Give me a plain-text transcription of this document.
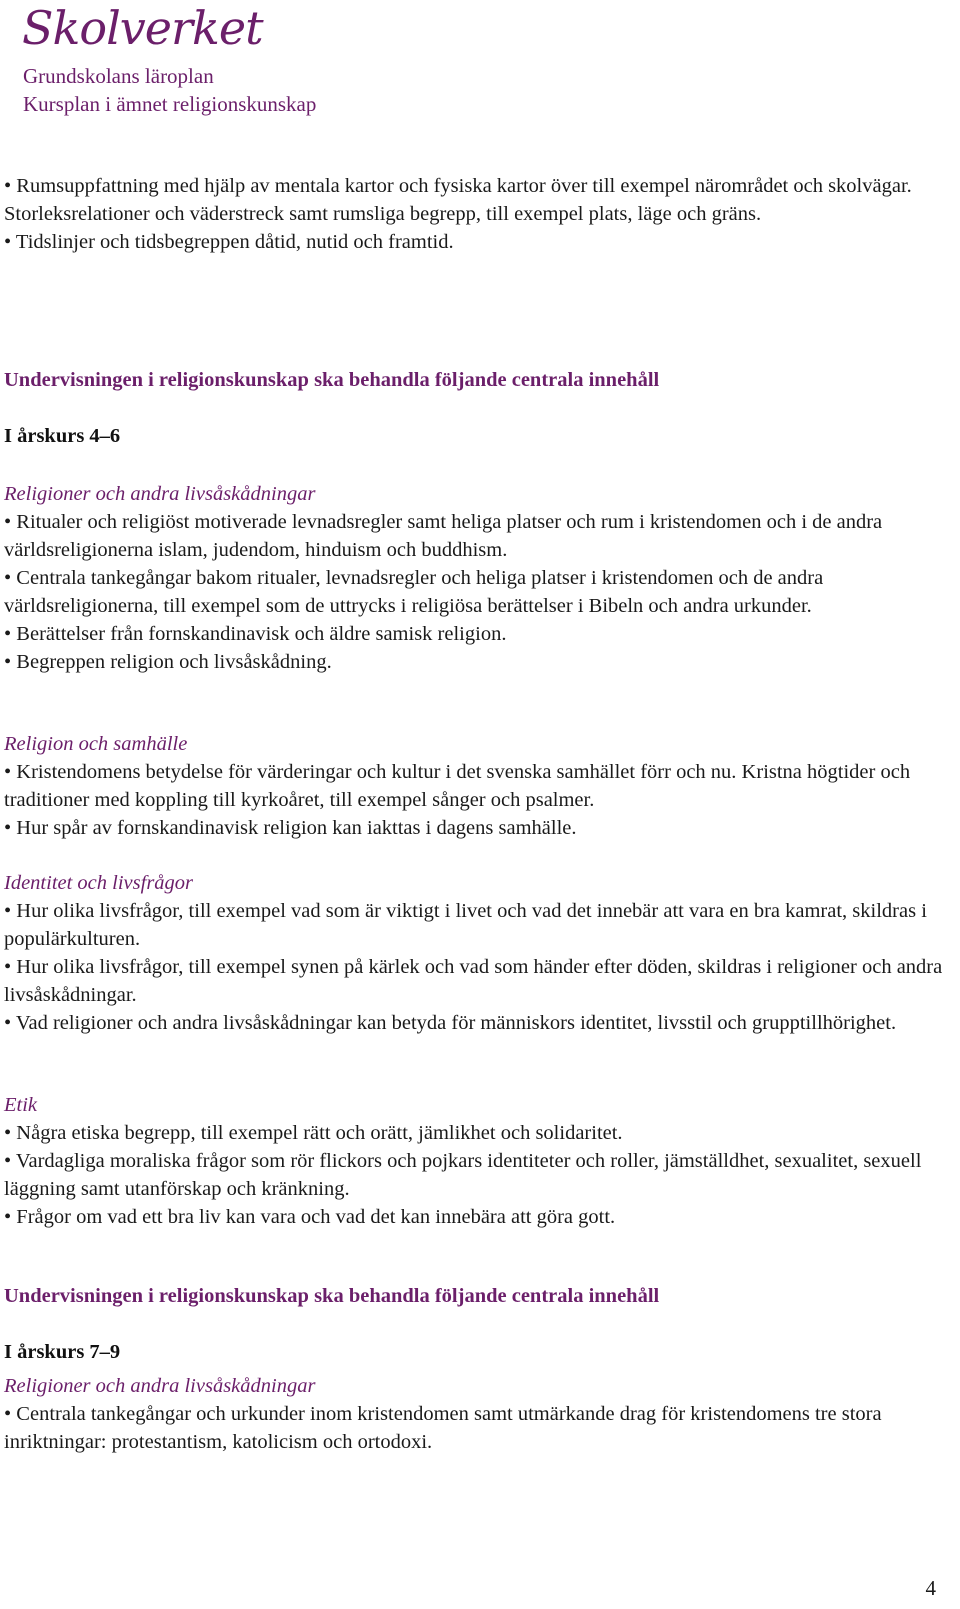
Skolverket
Grundskolans läroplan
Kursplan i ämnet religionskunskap

• Rumsuppfattning med hjälp av mentala kartor och fysiska kartor över till exempel närområdet och skolvägar. Storleksrelationer och väderstreck samt rumsliga begrepp, till exempel plats, läge och gräns.

• Tidslinjer och tidsbegreppen dåtid, nutid och framtid.

Undervisningen i religionskunskap ska behandla följande centrala innehåll
I årskurs 4–6
Religioner och andra livsåskådningar

• Ritualer och religiöst motiverade levnadsregler samt heliga platser och rum i kristendomen och i de andra världsreligionerna islam, judendom, hinduism och buddhism.

• Centrala tankegångar bakom ritualer, levnadsregler och heliga platser i kristendomen och de andra världsreligionerna, till exempel som de uttrycks i religiösa berättelser i Bibeln och andra urkunder.

• Berättelser från fornskandinavisk och äldre samisk religion.

• Begreppen religion och livsåskådning.

Religion och samhälle

• Kristendomens betydelse för värderingar och kultur i det svenska samhället förr och nu. Kristna högtider och traditioner med koppling till kyrkoåret, till exempel sånger och psalmer.

• Hur spår av fornskandinavisk religion kan iakttas i dagens samhälle.

Identitet och livsfrågor

• Hur olika livsfrågor, till exempel vad som är viktigt i livet och vad det innebär att vara en bra kamrat, skildras i populärkulturen.

• Hur olika livsfrågor, till exempel synen på kärlek och vad som händer efter döden, skildras i religioner och andra livsåskådningar.

• Vad religioner och andra livsåskådningar kan betyda för människors identitet, livsstil och grupptillhörighet.

Etik

• Några etiska begrepp, till exempel rätt och orätt, jämlikhet och solidaritet.

• Vardagliga moraliska frågor som rör flickors och pojkars identiteter och roller, jämställdhet, sexualitet, sexuell läggning samt utanförskap och kränkning.

• Frågor om vad ett bra liv kan vara och vad det kan innebära att göra gott.

Undervisningen i religionskunskap ska behandla följande centrala innehåll
I årskurs 7–9
Religioner och andra livsåskådningar

• Centrala tankegångar och urkunder inom kristendomen samt utmärkande drag för kristendomens tre stora inriktningar: protestantism, katolicism och ortodoxi.

4
